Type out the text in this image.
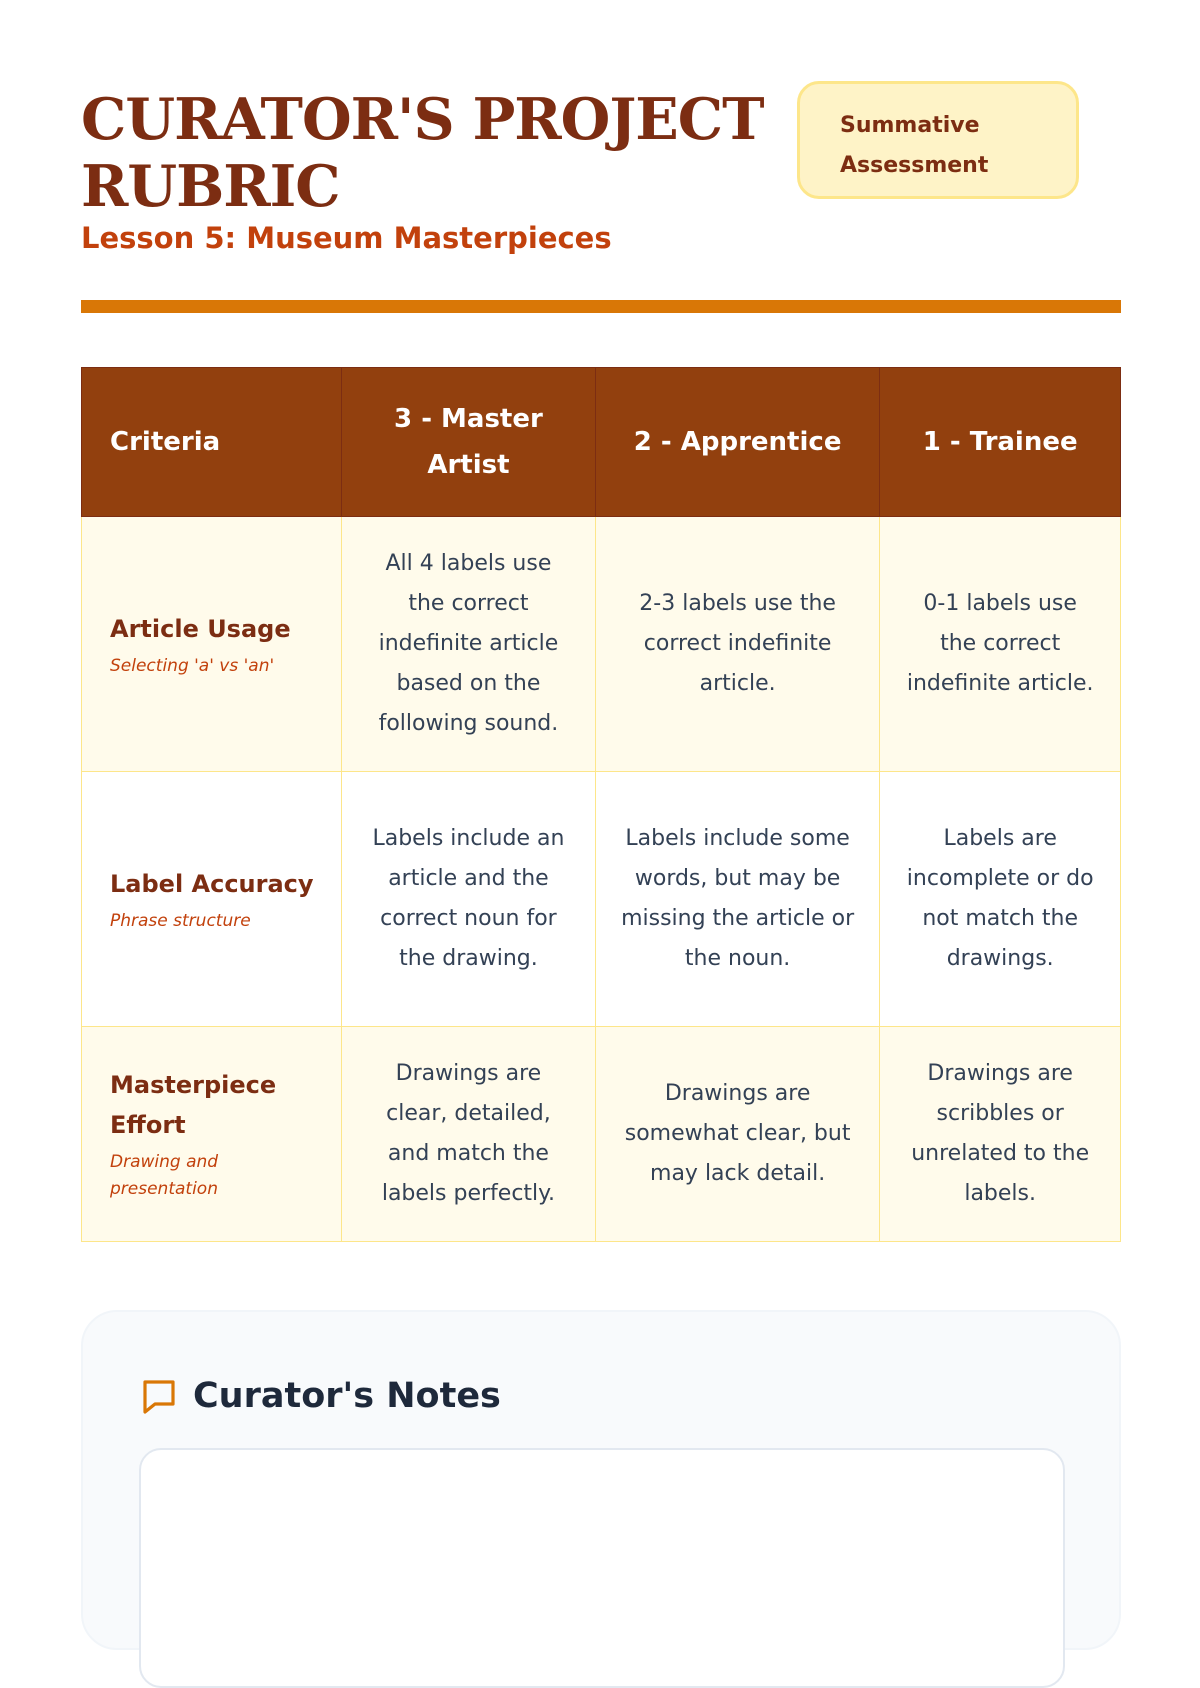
CURATOR'S PROJECT RUBRIC
Lesson 5: Museum Masterpieces
Summative Assessment
Criteria	3 - Master Artist	2 - Apprentice	1 - Trainee

Article Usage
Selecting 'a' vs 'an'	All 4 labels use the correct indefinite article based on the following sound.	2-3 labels use the correct indefinite article.	0-1 labels use the correct indefinite article.

Label Accuracy
Phrase structure	Labels include an article and the correct noun for the drawing.	Labels include some words, but may be missing the article or the noun.	Labels are incomplete or do not match the drawings.

Masterpiece Effort
Drawing and presentation	Drawings are clear, detailed, and match the labels perfectly.	Drawings are somewhat clear, but may lack detail.	Drawings are scribbles or unrelated to the labels.
Curator's Notes
